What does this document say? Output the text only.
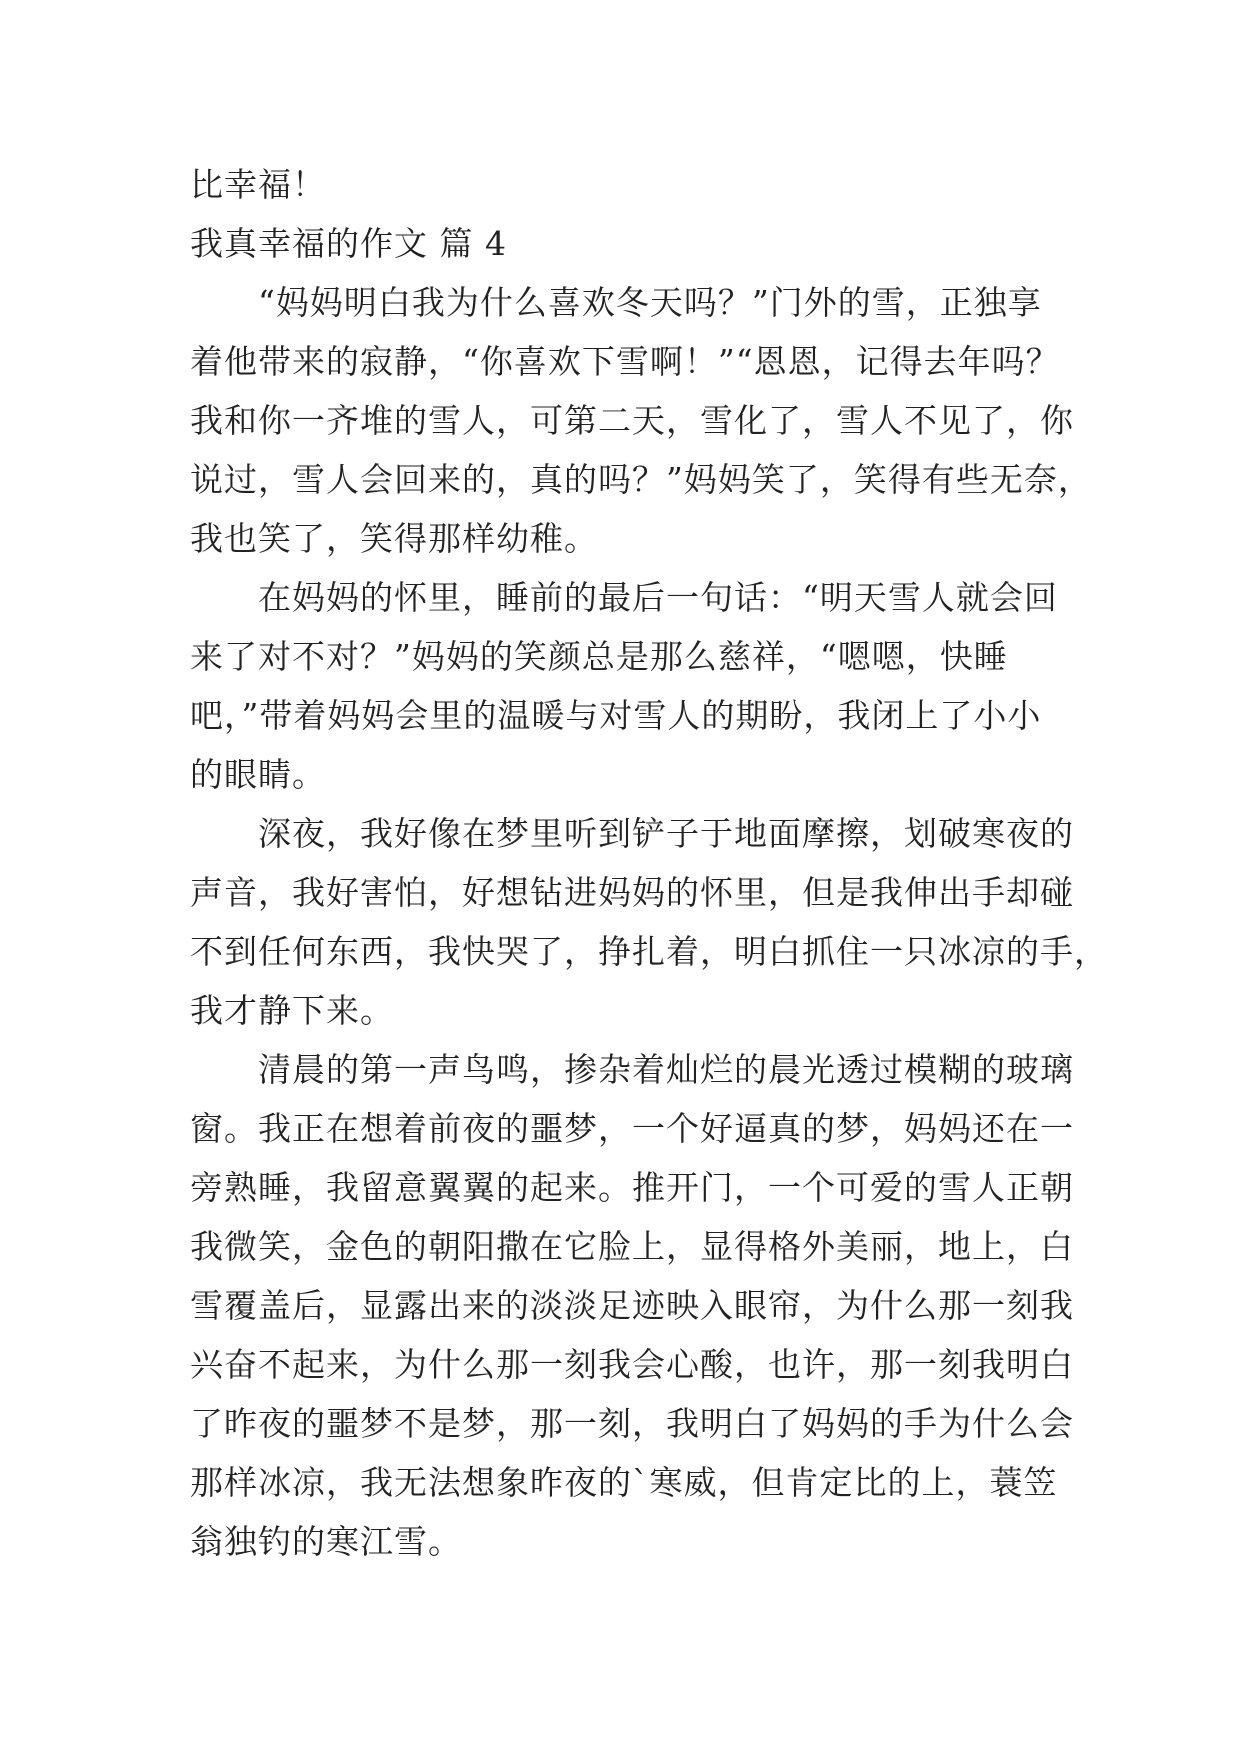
比幸福！
我真幸福的作文 篇 4
　　“妈妈明白我为什么喜欢冬天吗？”门外的雪，正独享
着他带来的寂静，“你喜欢下雪啊！”“恩恩，记得去年吗？
我和你一齐堆的雪人，可第二天，雪化了，雪人不见了，你
说过，雪人会回来的，真的吗？”妈妈笑了，笑得有些无奈，
我也笑了，笑得那样幼稚。
　　在妈妈的怀里，睡前的最后一句话：“明天雪人就会回
来了对不对？”妈妈的笑颜总是那么慈祥，“嗯嗯，快睡
吧，”带着妈妈会里的温暖与对雪人的期盼，我闭上了小小
的眼睛。
　　深夜，我好像在梦里听到铲子于地面摩擦，划破寒夜的
声音，我好害怕，好想钻进妈妈的怀里，但是我伸出手却碰
不到任何东西，我快哭了，挣扎着，明白抓住一只冰凉的手，
我才静下来。
　　清晨的第一声鸟鸣，掺杂着灿烂的晨光透过模糊的玻璃
窗。我正在想着前夜的噩梦，一个好逼真的梦，妈妈还在一
旁熟睡，我留意翼翼的起来。推开门，一个可爱的雪人正朝
我微笑，金色的朝阳撒在它脸上，显得格外美丽，地上，白
雪覆盖后，显露出来的淡淡足迹映入眼帘，为什么那一刻我
兴奋不起来，为什么那一刻我会心酸，也许，那一刻我明白
了昨夜的噩梦不是梦，那一刻，我明白了妈妈的手为什么会
那样冰凉，我无法想象昨夜的`寒威，但肯定比的上，蓑笠
翁独钓的寒江雪。
